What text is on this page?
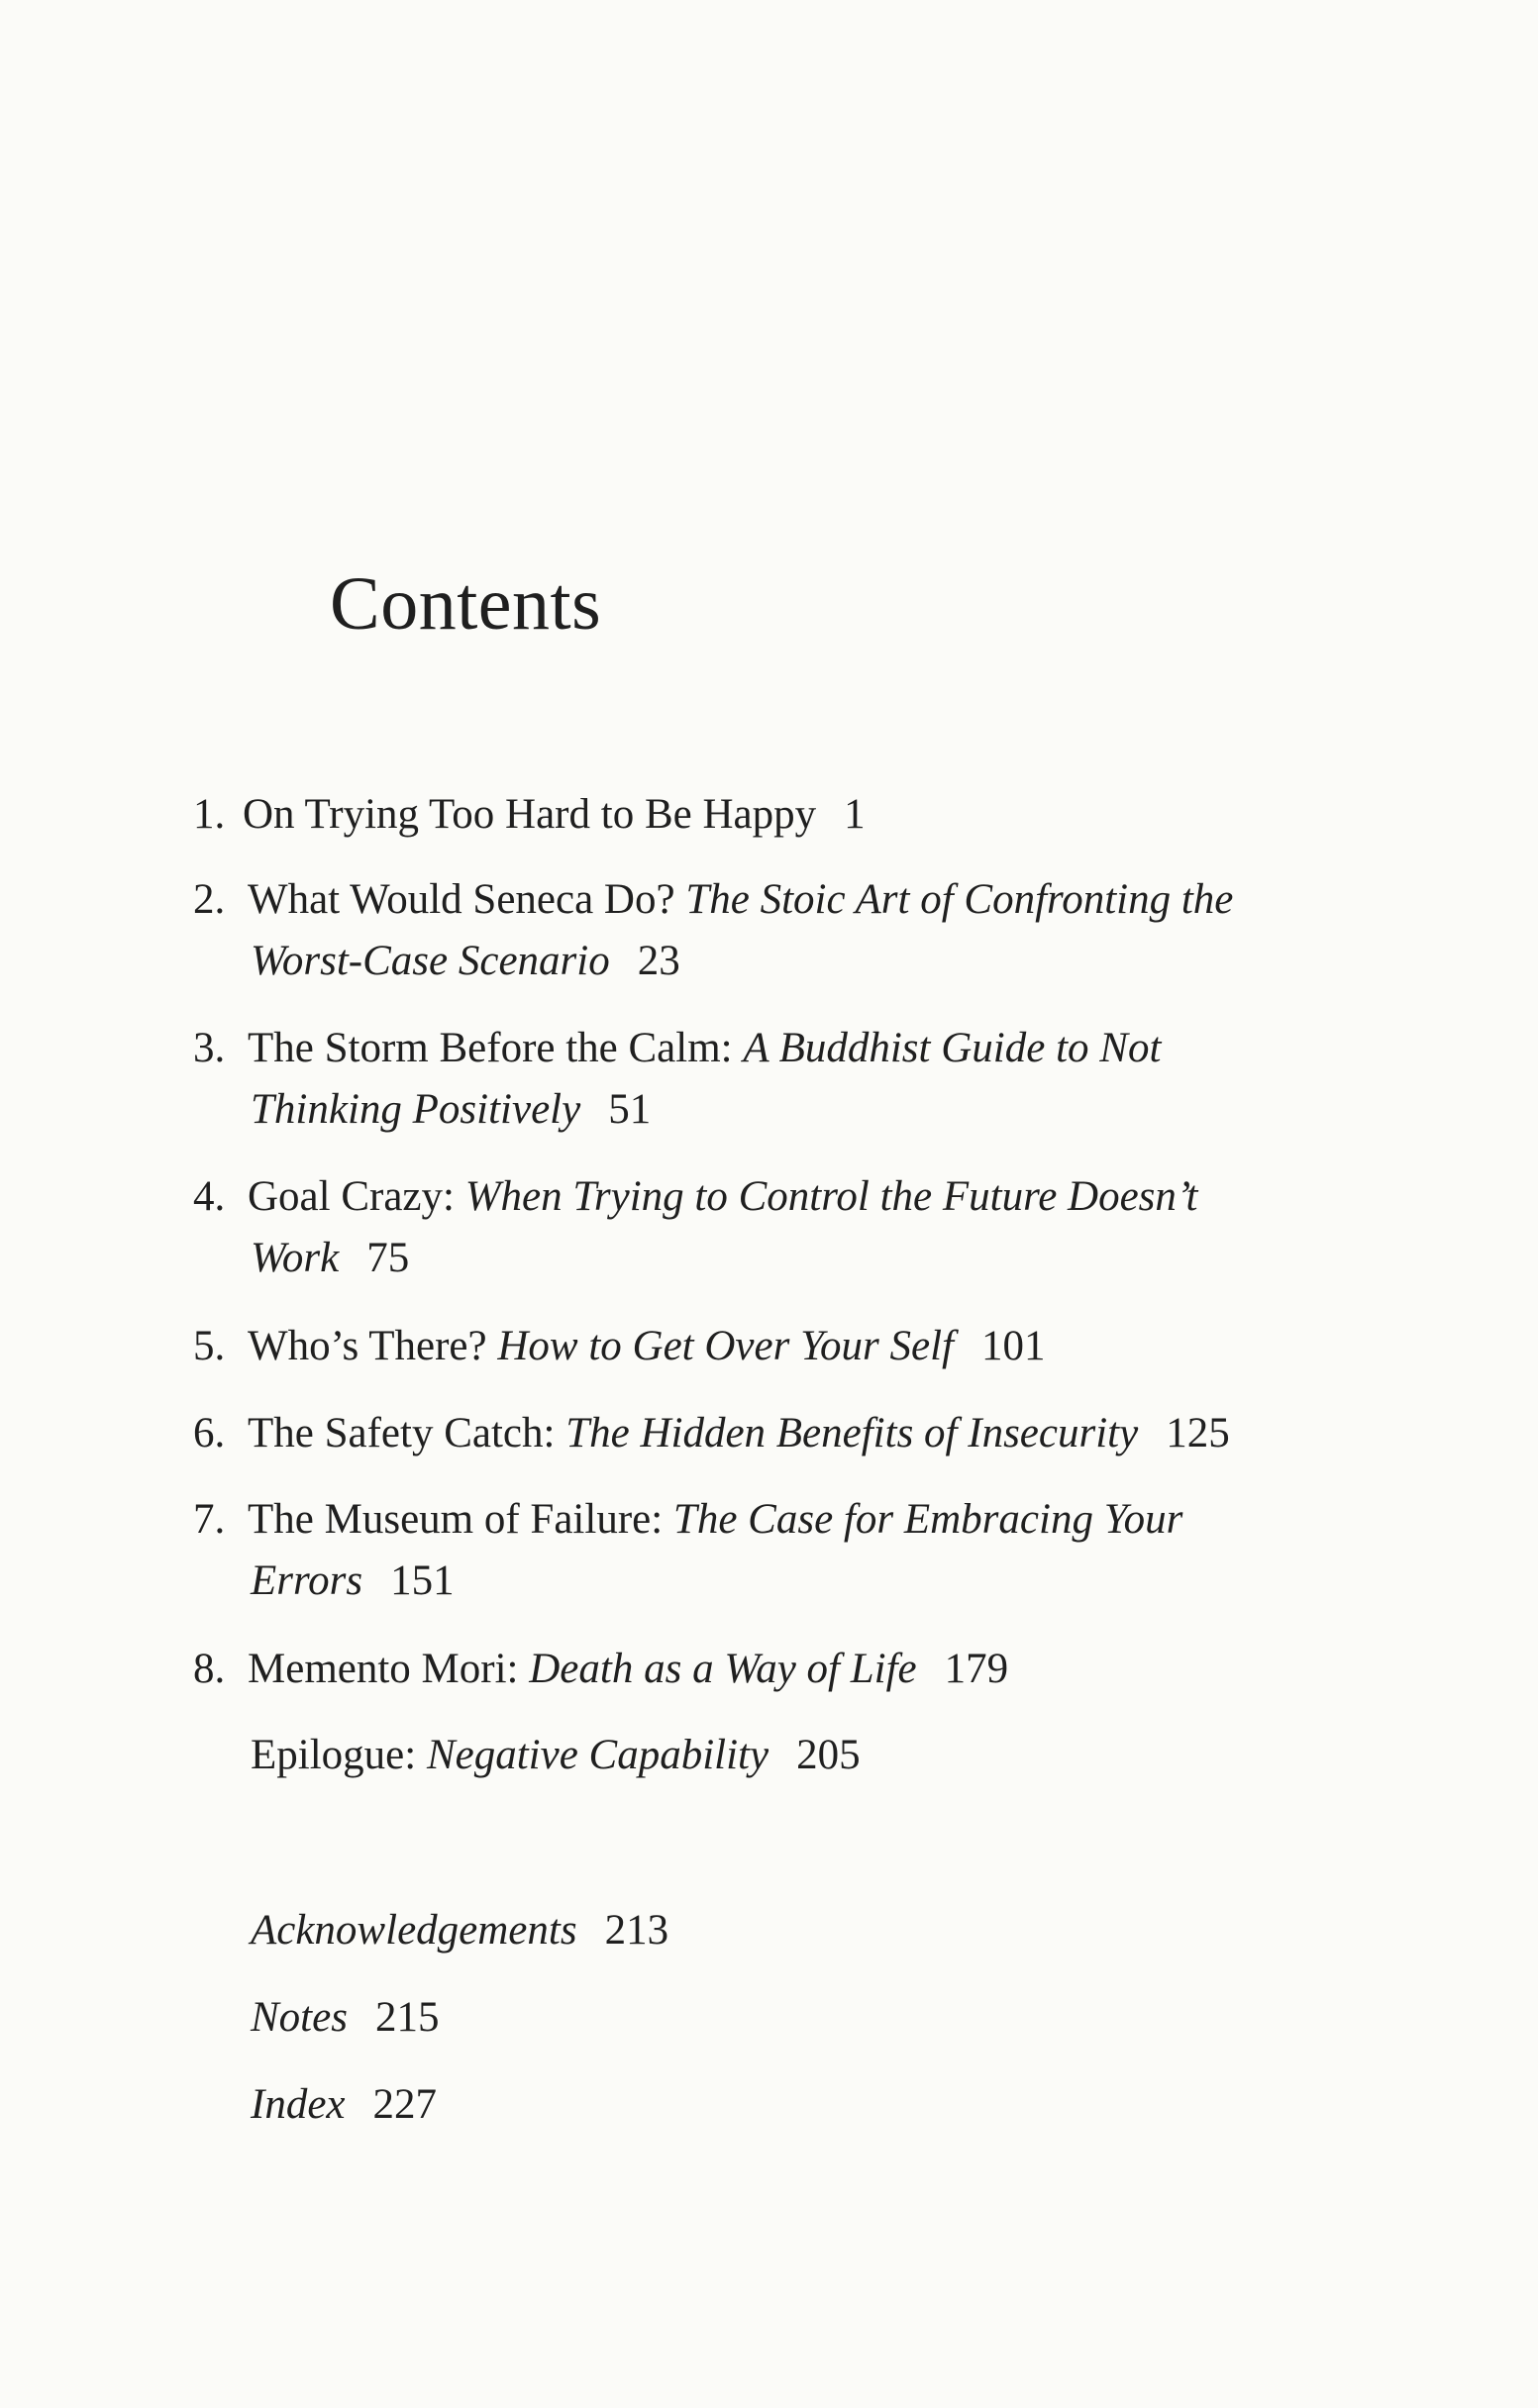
Contents
1. On Trying Too Hard to Be Happy 1
2. What Would Seneca Do? The Stoic Art of Confronting the
Worst-Case Scenario 23
3. The Storm Before the Calm: A Buddhist Guide to Not
Thinking Positively 51
4. Goal Crazy: When Trying to Control the Future Doesn’t
Work 75
5. Who’s There? How to Get Over Your Self 101
6. The Safety Catch: The Hidden Benefits of Insecurity 125
7. The Museum of Failure: The Case for Embracing Your
Errors 151
8. Memento Mori: Death as a Way of Life 179
Epilogue: Negative Capability 205
Acknowledgements 213
Notes 215
Index 227
